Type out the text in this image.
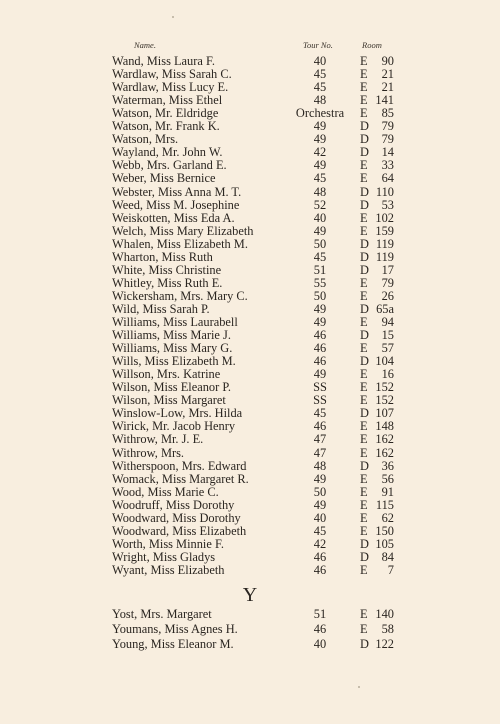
Name.	Tour No.	Room
Wand, Miss Laura F.	40	E	90
Wardlaw, Miss Sarah C.	45	E	21
Wardlaw, Miss Lucy E.	45	E	21
Waterman, Miss Ethel	48	E 141
Watson, Mr. Eldridge	Orchestra	E	85
Watson, Mr. Frank K.	49	D	79
Watson, Mrs.	49	D	79
Wayland, Mr. John W.	42	D	14
Webb, Mrs. Garland E.	49	E	33
Weber, Miss Bernice	45	E	64
Webster, Miss Anna M. T.	48	D 110
Weed, Miss M. Josephine	52	D	53
Weiskotten, Miss Eda A.	40	E 102
Welch, Miss Mary Elizabeth	49	E 159
Whalen, Miss Elizabeth M.	50	D 119
Wharton, Miss Ruth	45	D 119
White, Miss Christine	51	D	17
Whitley, Miss Ruth E.	55	E	79
Wickersham, Mrs. Mary C.	50	E	26
Wild, Miss Sarah P.	49	D 65a
Williams, Miss Laurabell	49	E	94
Williams, Miss Marie J.	46	D	15
Williams, Miss Mary G.	46	E	57
Wills, Miss Elizabeth M.	46	D 104
Willson, Mrs. Katrine	49	E	16
Wilson, Miss Eleanor P.	SS	E 152
Wilson, Miss Margaret	SS	E 152
Winslow-Low, Mrs. Hilda	45	D 107
Wirick, Mr. Jacob Henry	46	E 148
Withrow, Mr. J. E.	47	E 162
Withrow, Mrs.	47	E 162
Witherspoon, Mrs. Edward	48	D	36
Womack, Miss Margaret R.	49	E	56
Wood, Miss Marie C.	50	E	91
Woodruff, Miss Dorothy	49	E 115
Woodward, Miss Dorothy	40	E	62
Woodward, Miss Elizabeth	45	E 150
Worth, Miss Minnie F.	42	D 105
Wright, Miss Gladys	46	D	84
Wyant, Miss Elizabeth	46	E	7
Y
Yost, Mrs. Margaret	51	E 140
Youmans, Miss Agnes H.	46	E	58
Young, Miss Eleanor M.	40	D 122
